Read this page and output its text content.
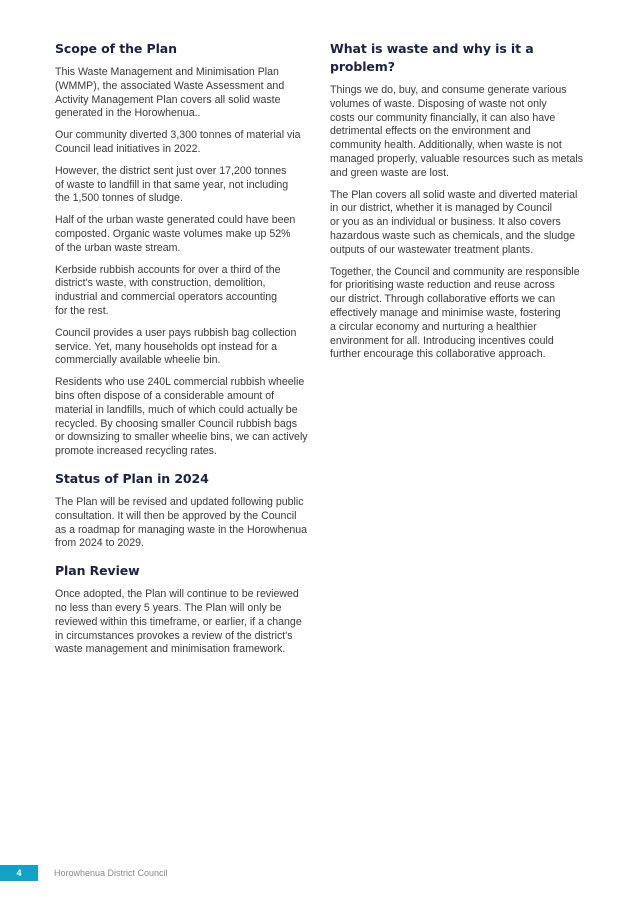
Scope of the Plan

This Waste Management and Minimisation Plan
(WMMP), the associated Waste Assessment and
Activity Management Plan covers all solid waste
generated in the Horowhenua..

Our community diverted 3,300 tonnes of material via
Council lead initiatives in 2022.

However, the district sent just over 17,200 tonnes
of waste to landfill in that same year, not including
the 1,500 tonnes of sludge.

Half of the urban waste generated could have been
composted. Organic waste volumes make up 52%
of the urban waste stream.

Kerbside rubbish accounts for over a third of the
district's waste, with construction, demolition,
industrial and commercial operators accounting
for the rest.

Council provides a user pays rubbish bag collection
service. Yet, many households opt instead for a
commercially available wheelie bin.

Residents who use 240L commercial rubbish wheelie
bins often dispose of a considerable amount of
material in landfills, much of which could actually be
recycled. By choosing smaller Council rubbish bags
or downsizing to smaller wheelie bins, we can actively
promote increased recycling rates.

Status of Plan in 2024

The Plan will be revised and updated following public
consultation. It will then be approved by the Council
as a roadmap for managing waste in the Horowhenua
from 2024 to 2029.

Plan Review

Once adopted, the Plan will continue to be reviewed
no less than every 5 years. The Plan will only be
reviewed within this timeframe, or earlier, if a change
in circumstances provokes a review of the district's
waste management and minimisation framework.

What is waste and why is it a problem?

Things we do, buy, and consume generate various
volumes of waste. Disposing of waste not only
costs our community financially, it can also have
detrimental effects on the environment and
community health. Additionally, when waste is not
managed properly, valuable resources such as metals
and green waste are lost.

The Plan covers all solid waste and diverted material
in our district, whether it is managed by Council
or you as an individual or business. It also covers
hazardous waste such as chemicals, and the sludge
outputs of our wastewater treatment plants.

Together, the Council and community are responsible
for prioritising waste reduction and reuse across
our district. Through collaborative efforts we can
effectively manage and minimise waste, fostering
a circular economy and nurturing a healthier
environment for all. Introducing incentives could
further encourage this collaborative approach.

4	Horowhenua District Council
